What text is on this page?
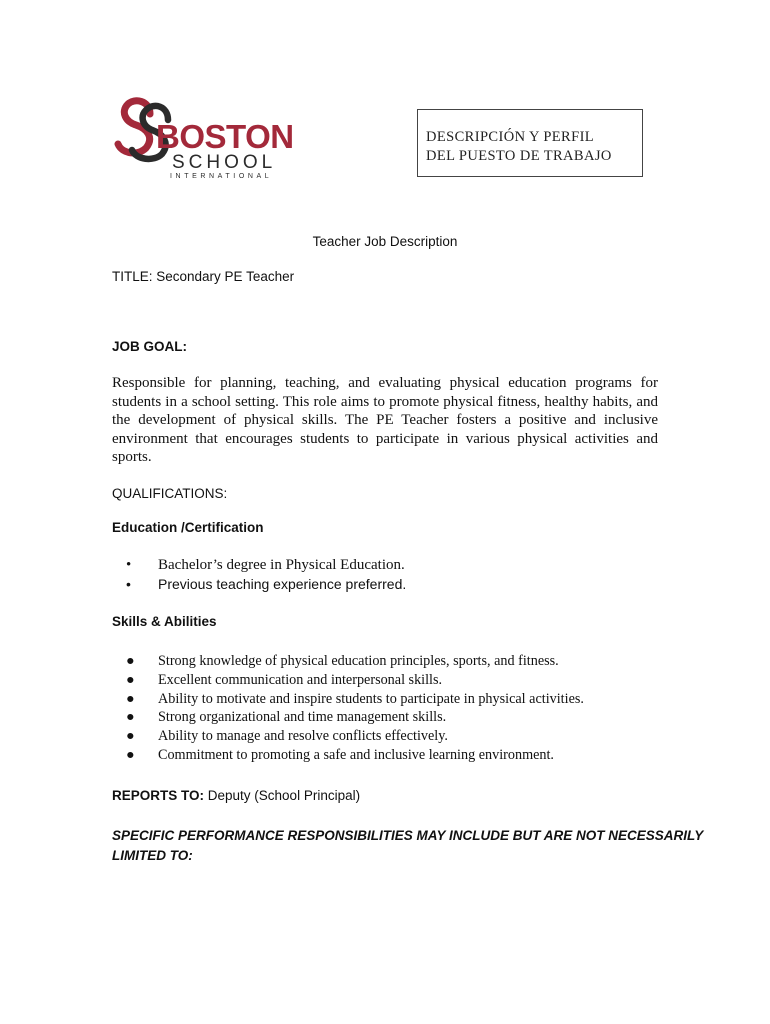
BOSTON
SCHOOL
INTERNATIONAL
DESCRIPCIÓN Y PERFIL
DEL PUESTO DE TRABAJO
Teacher Job Description
TITLE: Secondary PE Teacher
JOB GOAL:
Responsible for planning, teaching, and evaluating physical education programs for students in a school setting. This role aims to promote physical fitness, healthy habits, and the development of physical skills. The PE Teacher fosters a positive and inclusive environment that encourages students to participate in various physical activities and sports.
QUALIFICATIONS:
Education /Certification
• Bachelor’s degree in Physical Education.
• Previous teaching experience preferred.
Skills & Abilities
● Strong knowledge of physical education principles, sports, and fitness.
● Excellent communication and interpersonal skills.
● Ability to motivate and inspire students to participate in physical activities.
● Strong organizational and time management skills.
● Ability to manage and resolve conflicts effectively.
● Commitment to promoting a safe and inclusive learning environment.
REPORTS TO: Deputy (School Principal)
SPECIFIC PERFORMANCE RESPONSIBILITIES MAY INCLUDE BUT ARE NOT NECESSARILY
LIMITED TO:
